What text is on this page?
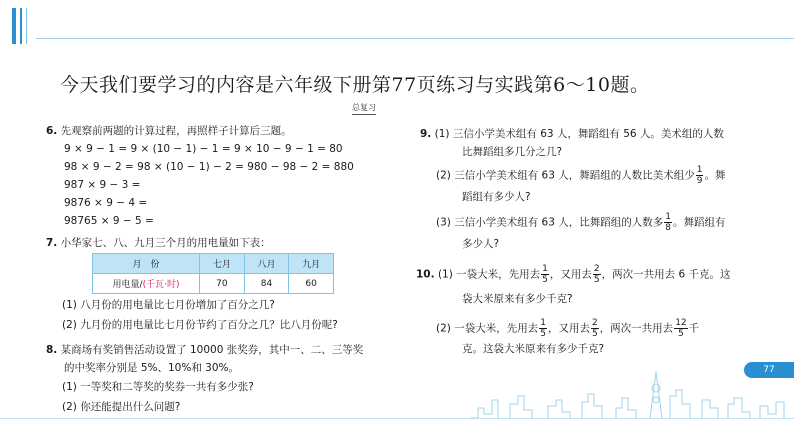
今天我们要学习的内容是六年级下册第77页练习与实践第6～10题。
总复习
6. 先观察前两题的计算过程，再照样子计算后三题。
9 × 9 − 1 = 9 × (10 − 1) − 1 = 9 × 10 − 9 − 1 = 80
98 × 9 − 2 = 98 × (10 − 1) − 2 = 980 − 98 − 2 = 880
987 × 9 − 3 =
9876 × 9 − 4 =
98765 × 9 − 5 =
7. 小华家七、八、九月三个月的用电量如下表：
月　份	七月	八月	九月
用电量/(千瓦·时)	70	84	60
(1) 八月份的用电量比七月份增加了百分之几?
(2) 九月份的用电量比七月份节约了百分之几？比八月份呢?
8. 某商场有奖销售活动设置了 10000 张奖券，其中一、二、三等奖
的中奖率分别是 5%、10%和 30%。
(1) 一等奖和二等奖的奖券一共有多少张?
(2) 你还能提出什么问题?
9. (1) 三信小学美术组有 63 人，舞蹈组有 56 人。美术组的人数
比舞蹈组多几分之几?
(2) 三信小学美术组有 63 人，舞蹈组的人数比美术组少 $\frac{1}{9}$ 。舞
蹈组有多少人?
(3) 三信小学美术组有 63 人，比舞蹈组的人数多 $\frac{1}{8}$ 。舞蹈组有
多少人?
10. (1) 一袋大米，先用去 $\frac{1}{5}$ ，又用去 $\frac{2}{5}$ ，两次一共用去 6 千克。这
袋大米原来有多少千克?
(2) 一袋大米，先用去 $\frac{1}{5}$ ，又用去 $\frac{2}{5}$ ，两次一共用去 $\frac{12}{5}$ 千
克。这袋大米原来有多少千克?
77
